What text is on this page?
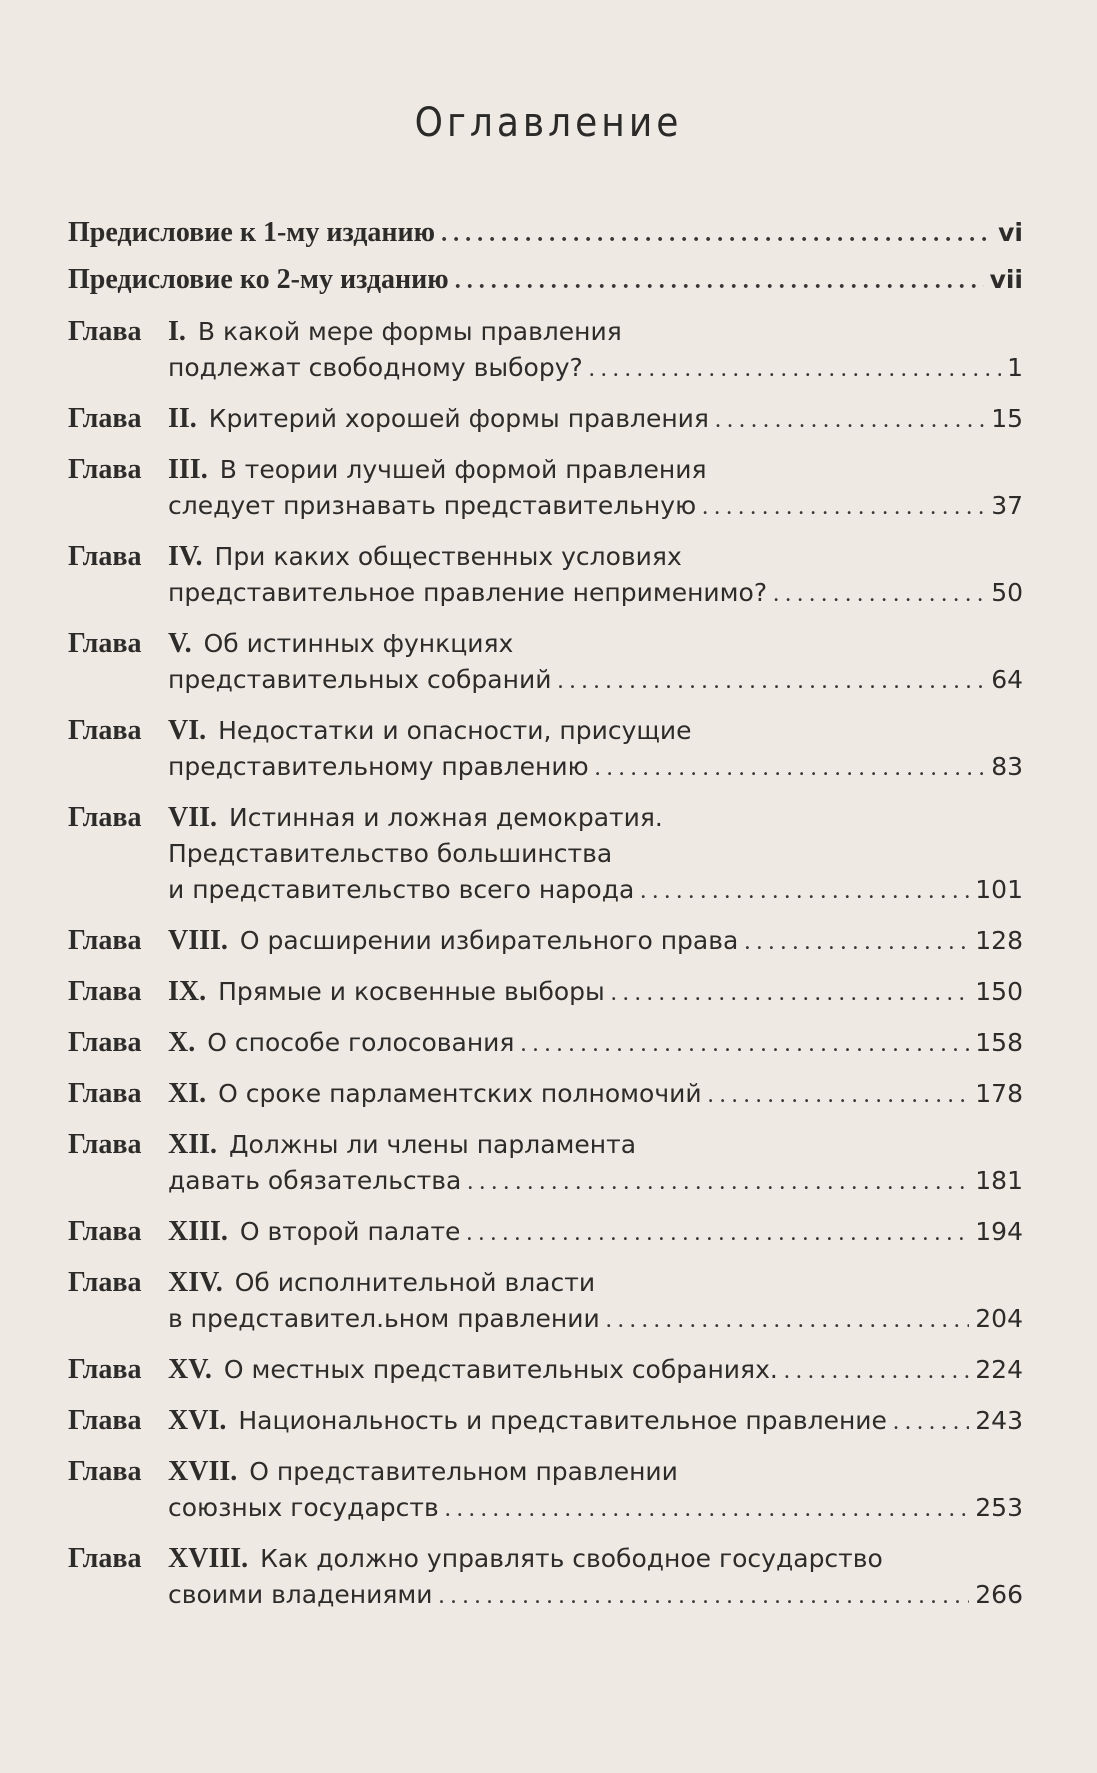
Оглавление
Предисловие к 1-му изданию . . .	vi
Предисловие ко 2-му изданию . . .	vii
Глава I. В какой мере формы правления
подлежат свободному выбору? . . .	1
Глава II. Критерий хорошей формы правления . . .	15
Глава III. В теории лучшей формой правления
следует признавать представительную . . .	37
Глава IV. При каких общественных условиях
представительное правление неприменимо? . . .	50
Глава V. Об истинных функциях
представительных собраний . . .	64
Глава VI. Недостатки и опасности, присущие
представительному правлению . . .	83
Глава VII. Истинная и ложная демократия.
Представительство большинства
и представительство всего народа . . .	101
Глава VIII. О расширении избирательного права . . .	128
Глава IX. Прямые и косвенные выборы . . .	150
Глава X. О способе голосования . . .	158
Глава XI. О сроке парламентских полномочий . . .	178
Глава XII. Должны ли члены парламента
давать обязательства . . .	181
Глава XIII. О второй палате . . .	194
Глава XIV. Об исполнительной власти
в представител.ьном правлении . . .	204
Глава XV. О местных представительных собраниях. . . .	224
Глава XVI. Национальность и представительное правление . . .	243
Глава XVII. О представительном правлении
союзных государств . . .	253
Глава XVIII. Как должно управлять свободное государство
своими владениями . . .	266
